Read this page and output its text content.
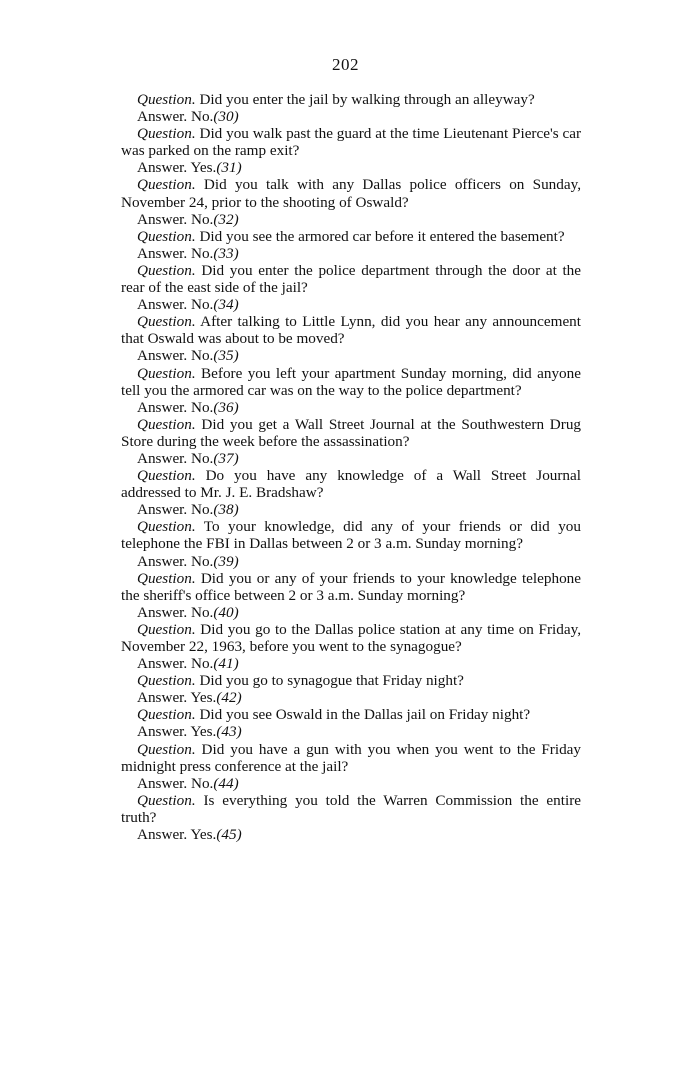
202

Question. Did you enter the jail by walking through an alleyway?

Answer. No.(30)

Question. Did you walk past the guard at the time Lieutenant Pierce's car was parked on the ramp exit?

Answer. Yes.(31)

Question. Did you talk with any Dallas police officers on Sunday, November 24, prior to the shooting of Oswald?

Answer. No.(32)

Question. Did you see the armored car before it entered the basement?

Answer. No.(33)

Question. Did you enter the police department through the door at the rear of the east side of the jail?

Answer. No.(34)

Question. After talking to Little Lynn, did you hear any announcement that Oswald was about to be moved?

Answer. No.(35)

Question. Before you left your apartment Sunday morning, did anyone tell you the armored car was on the way to the police department?

Answer. No.(36)

Question. Did you get a Wall Street Journal at the Southwestern Drug Store during the week before the assassination?

Answer. No.(37)

Question. Do you have any knowledge of a Wall Street Journal addressed to Mr. J. E. Bradshaw?

Answer. No.(38)

Question. To your knowledge, did any of your friends or did you telephone the FBI in Dallas between 2 or 3 a.m. Sunday morning?

Answer. No.(39)

Question. Did you or any of your friends to your knowledge telephone the sheriff's office between 2 or 3 a.m. Sunday morning?

Answer. No.(40)

Question. Did you go to the Dallas police station at any time on Friday, November 22, 1963, before you went to the synagogue?

Answer. No.(41)

Question. Did you go to synagogue that Friday night?

Answer. Yes.(42)

Question. Did you see Oswald in the Dallas jail on Friday night?

Answer. Yes.(43)

Question. Did you have a gun with you when you went to the Friday midnight press conference at the jail?

Answer. No.(44)

Question. Is everything you told the Warren Commission the entire truth?

Answer. Yes.(45)
